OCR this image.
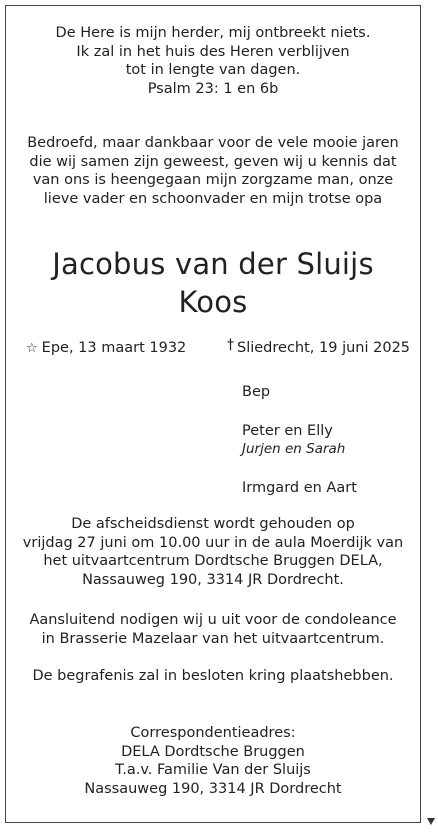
De Here is mijn herder, mij ontbreekt niets.
Ik zal in het huis des Heren verblijven
tot in lengte van dagen.
Psalm 23: 1 en 6b
Bedroefd, maar dankbaar voor de vele mooie jaren
die wij samen zijn geweest, geven wij u kennis dat
van ons is heengegaan mijn zorgzame man, onze
lieve vader en schoonvader en mijn trotse opa
Jacobus van der Sluijs
Koos
☆ Epe, 13 maart 1932	† Sliedrecht, 19 juni 2025
Bep
Peter en Elly
Jurjen en Sarah
Irmgard en Aart
De afscheidsdienst wordt gehouden op
vrijdag 27 juni om 10.00 uur in de aula Moerdijk van
het uitvaartcentrum Dordtsche Bruggen DELA,
Nassauweg 190, 3314 JR Dordrecht.
Aansluitend nodigen wij u uit voor de condoleance
in Brasserie Mazelaar van het uitvaartcentrum.
De begrafenis zal in besloten kring plaatshebben.
Correspondentieadres:
DELA Dordtsche Bruggen
T.a.v. Familie Van der Sluijs
Nassauweg 190, 3314 JR Dordrecht
